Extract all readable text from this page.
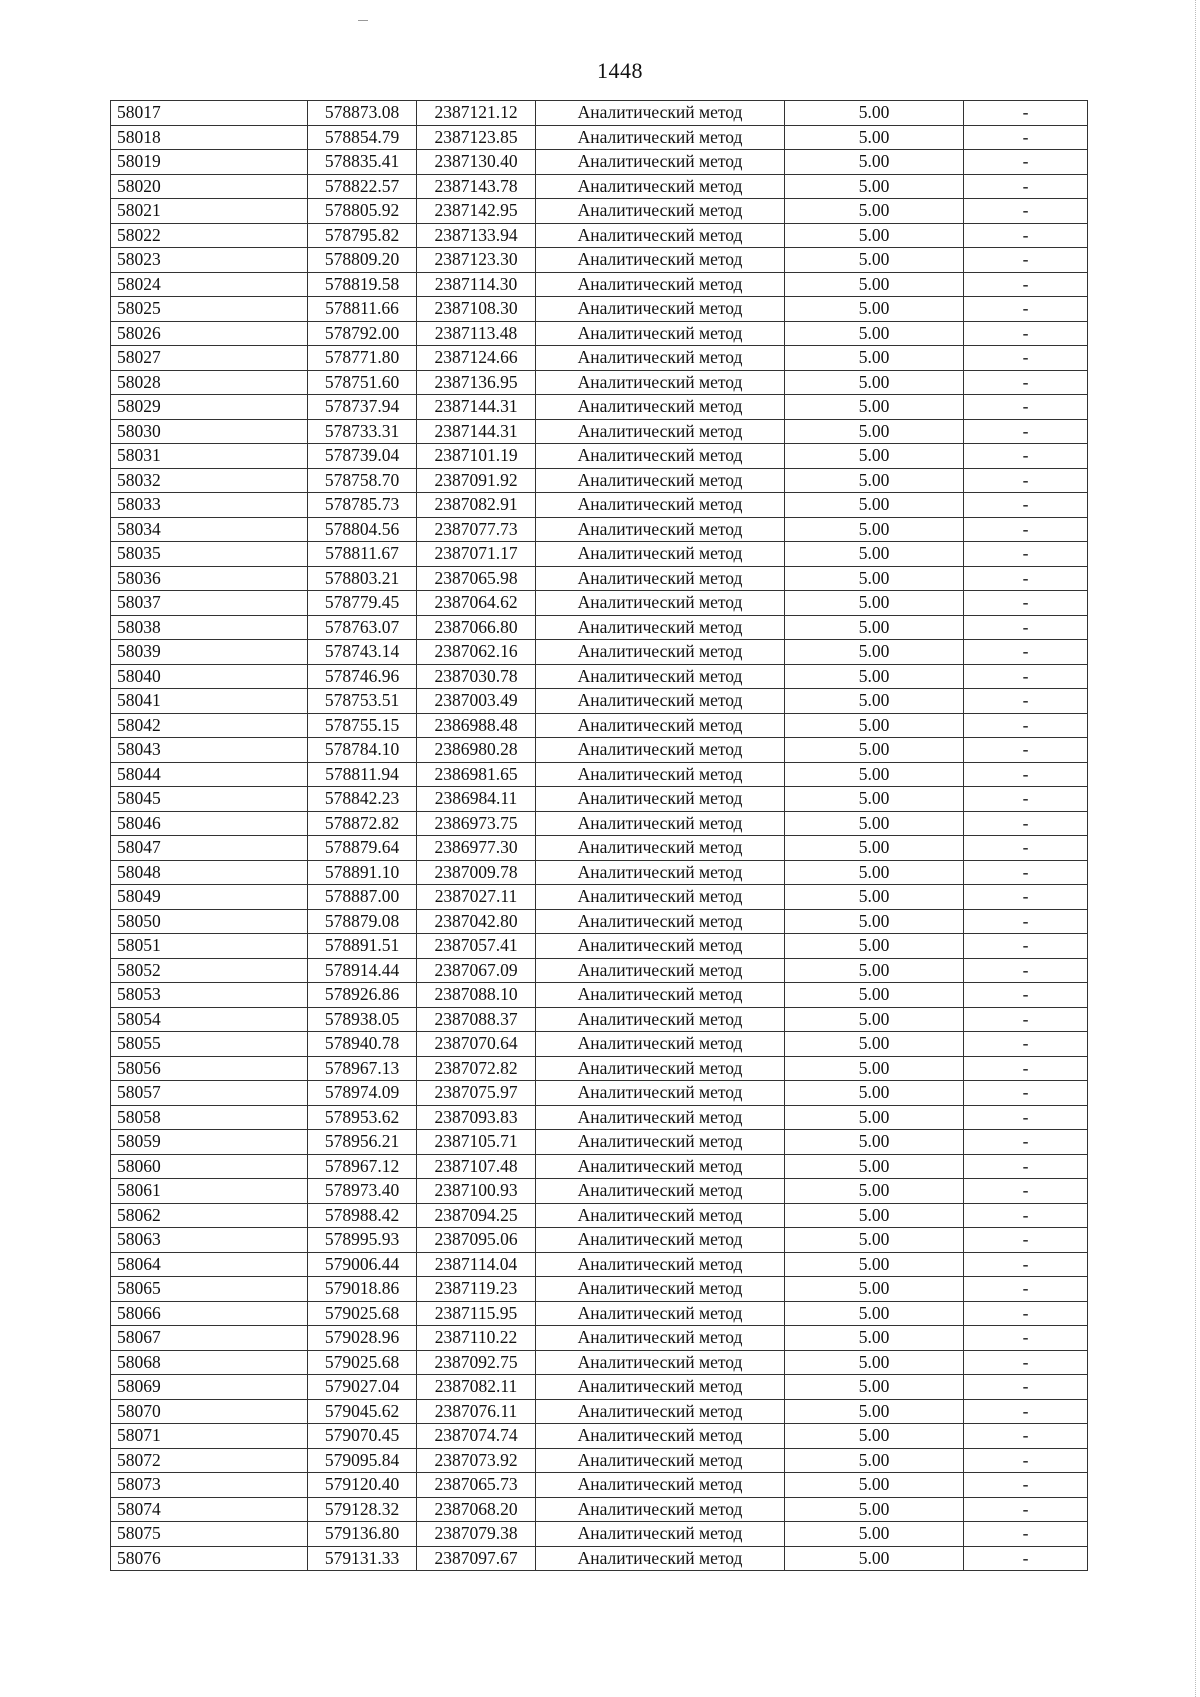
1448
58017	578873.08	2387121.12	Аналитический метод	5.00	-
58018	578854.79	2387123.85	Аналитический метод	5.00	-
58019	578835.41	2387130.40	Аналитический метод	5.00	-
58020	578822.57	2387143.78	Аналитический метод	5.00	-
58021	578805.92	2387142.95	Аналитический метод	5.00	-
58022	578795.82	2387133.94	Аналитический метод	5.00	-
58023	578809.20	2387123.30	Аналитический метод	5.00	-
58024	578819.58	2387114.30	Аналитический метод	5.00	-
58025	578811.66	2387108.30	Аналитический метод	5.00	-
58026	578792.00	2387113.48	Аналитический метод	5.00	-
58027	578771.80	2387124.66	Аналитический метод	5.00	-
58028	578751.60	2387136.95	Аналитический метод	5.00	-
58029	578737.94	2387144.31	Аналитический метод	5.00	-
58030	578733.31	2387144.31	Аналитический метод	5.00	-
58031	578739.04	2387101.19	Аналитический метод	5.00	-
58032	578758.70	2387091.92	Аналитический метод	5.00	-
58033	578785.73	2387082.91	Аналитический метод	5.00	-
58034	578804.56	2387077.73	Аналитический метод	5.00	-
58035	578811.67	2387071.17	Аналитический метод	5.00	-
58036	578803.21	2387065.98	Аналитический метод	5.00	-
58037	578779.45	2387064.62	Аналитический метод	5.00	-
58038	578763.07	2387066.80	Аналитический метод	5.00	-
58039	578743.14	2387062.16	Аналитический метод	5.00	-
58040	578746.96	2387030.78	Аналитический метод	5.00	-
58041	578753.51	2387003.49	Аналитический метод	5.00	-
58042	578755.15	2386988.48	Аналитический метод	5.00	-
58043	578784.10	2386980.28	Аналитический метод	5.00	-
58044	578811.94	2386981.65	Аналитический метод	5.00	-
58045	578842.23	2386984.11	Аналитический метод	5.00	-
58046	578872.82	2386973.75	Аналитический метод	5.00	-
58047	578879.64	2386977.30	Аналитический метод	5.00	-
58048	578891.10	2387009.78	Аналитический метод	5.00	-
58049	578887.00	2387027.11	Аналитический метод	5.00	-
58050	578879.08	2387042.80	Аналитический метод	5.00	-
58051	578891.51	2387057.41	Аналитический метод	5.00	-
58052	578914.44	2387067.09	Аналитический метод	5.00	-
58053	578926.86	2387088.10	Аналитический метод	5.00	-
58054	578938.05	2387088.37	Аналитический метод	5.00	-
58055	578940.78	2387070.64	Аналитический метод	5.00	-
58056	578967.13	2387072.82	Аналитический метод	5.00	-
58057	578974.09	2387075.97	Аналитический метод	5.00	-
58058	578953.62	2387093.83	Аналитический метод	5.00	-
58059	578956.21	2387105.71	Аналитический метод	5.00	-
58060	578967.12	2387107.48	Аналитический метод	5.00	-
58061	578973.40	2387100.93	Аналитический метод	5.00	-
58062	578988.42	2387094.25	Аналитический метод	5.00	-
58063	578995.93	2387095.06	Аналитический метод	5.00	-
58064	579006.44	2387114.04	Аналитический метод	5.00	-
58065	579018.86	2387119.23	Аналитический метод	5.00	-
58066	579025.68	2387115.95	Аналитический метод	5.00	-
58067	579028.96	2387110.22	Аналитический метод	5.00	-
58068	579025.68	2387092.75	Аналитический метод	5.00	-
58069	579027.04	2387082.11	Аналитический метод	5.00	-
58070	579045.62	2387076.11	Аналитический метод	5.00	-
58071	579070.45	2387074.74	Аналитический метод	5.00	-
58072	579095.84	2387073.92	Аналитический метод	5.00	-
58073	579120.40	2387065.73	Аналитический метод	5.00	-
58074	579128.32	2387068.20	Аналитический метод	5.00	-
58075	579136.80	2387079.38	Аналитический метод	5.00	-
58076	579131.33	2387097.67	Аналитический метод	5.00	-
